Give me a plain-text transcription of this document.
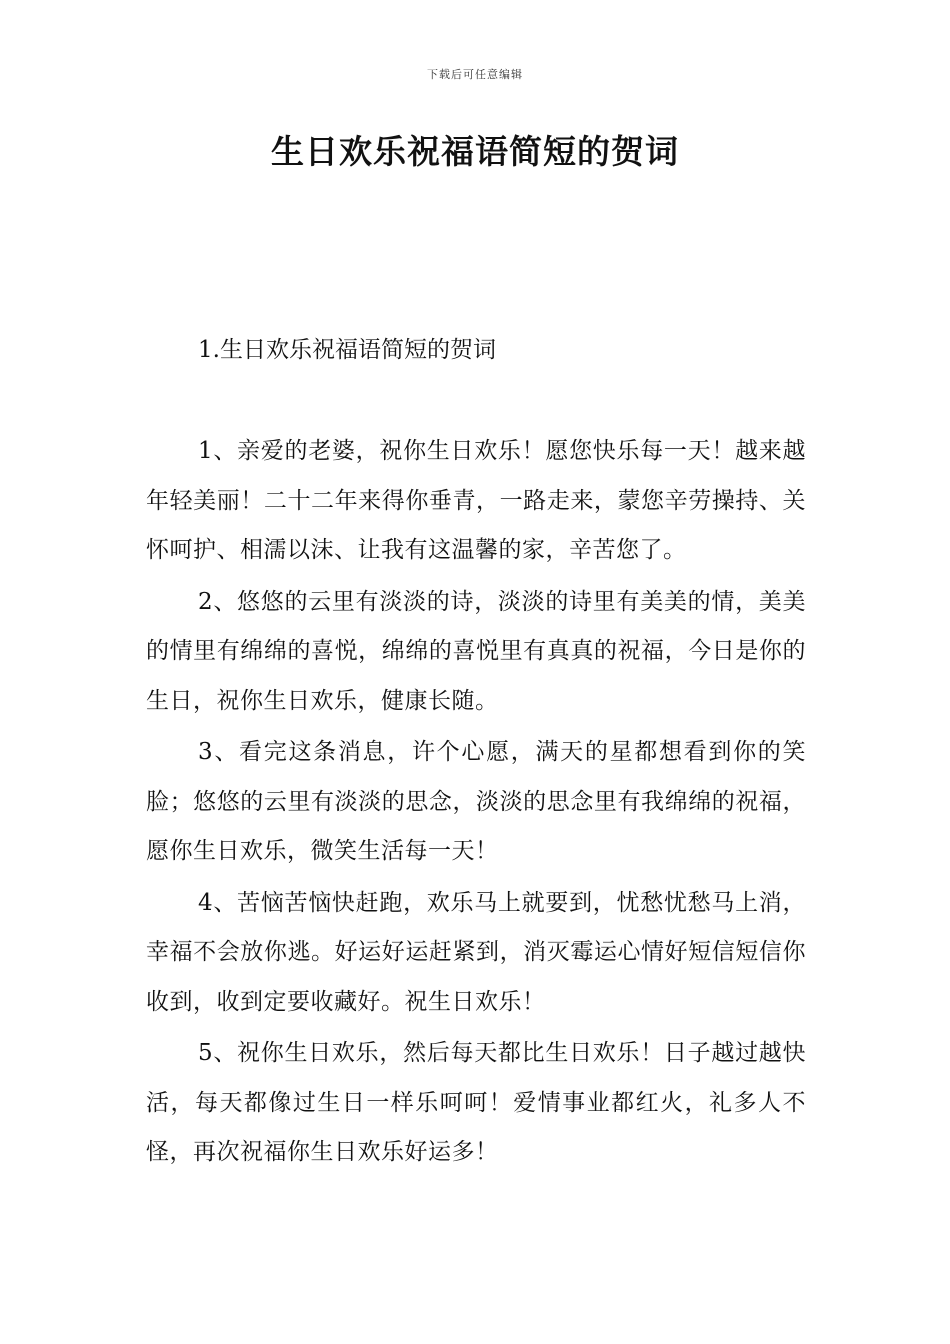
下载后可任意编辑
生日欢乐祝福语简短的贺词
1.生日欢乐祝福语简短的贺词

1、亲爱的老婆，祝你生日欢乐！愿您快乐每一天！越来越年轻美丽！二十二年来得你垂青，一路走来，蒙您辛劳操持、关怀呵护、相濡以沫、让我有这温馨的家，辛苦您了。

2、悠悠的云里有淡淡的诗，淡淡的诗里有美美的情，美美的情里有绵绵的喜悦，绵绵的喜悦里有真真的祝福，今日是你的生日，祝你生日欢乐，健康长随。

3、看完这条消息，许个心愿，满天的星都想看到你的笑脸；悠悠的云里有淡淡的思念，淡淡的思念里有我绵绵的祝福，愿你生日欢乐，微笑生活每一天！

4、苦恼苦恼快赶跑，欢乐马上就要到，忧愁忧愁马上消，幸福不会放你逃。好运好运赶紧到，消灭霉运心情好短信短信你收到，收到定要收藏好。祝生日欢乐！

5、祝你生日欢乐，然后每天都比生日欢乐！日子越过越快活，每天都像过生日一样乐呵呵！爱情事业都红火，礼多人不怪，再次祝福你生日欢乐好运多！
